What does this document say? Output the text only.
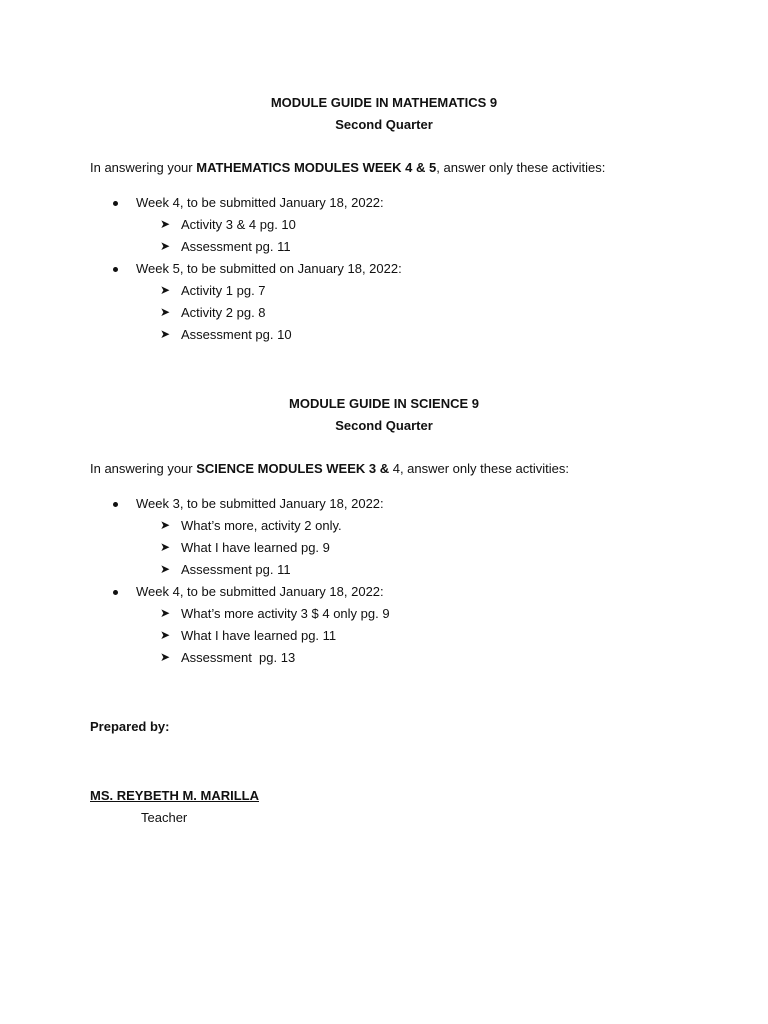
MODULE GUIDE IN MATHEMATICS 9
Second Quarter
In answering your MATHEMATICS MODULES WEEK 4 & 5, answer only these activities:
Week 4, to be submitted January 18, 2022:
➤ Activity 3 & 4 pg. 10
➤ Assessment pg. 11
Week 5, to be submitted on January 18, 2022:
➤ Activity 1 pg. 7
➤ Activity 2 pg. 8
➤ Assessment pg. 10
MODULE GUIDE IN SCIENCE 9
Second Quarter
In answering your SCIENCE MODULES WEEK 3 & 4, answer only these activities:
Week 3, to be submitted January 18, 2022:
➤ What’s more, activity 2 only.
➤ What I have learned pg. 9
➤ Assessment pg. 11
Week 4, to be submitted January 18, 2022:
➤ What’s more activity 3 $ 4 only pg. 9
➤ What I have learned pg. 11
➤ Assessment  pg. 13
Prepared by:
MS. REYBETH M. MARILLA
Teacher
